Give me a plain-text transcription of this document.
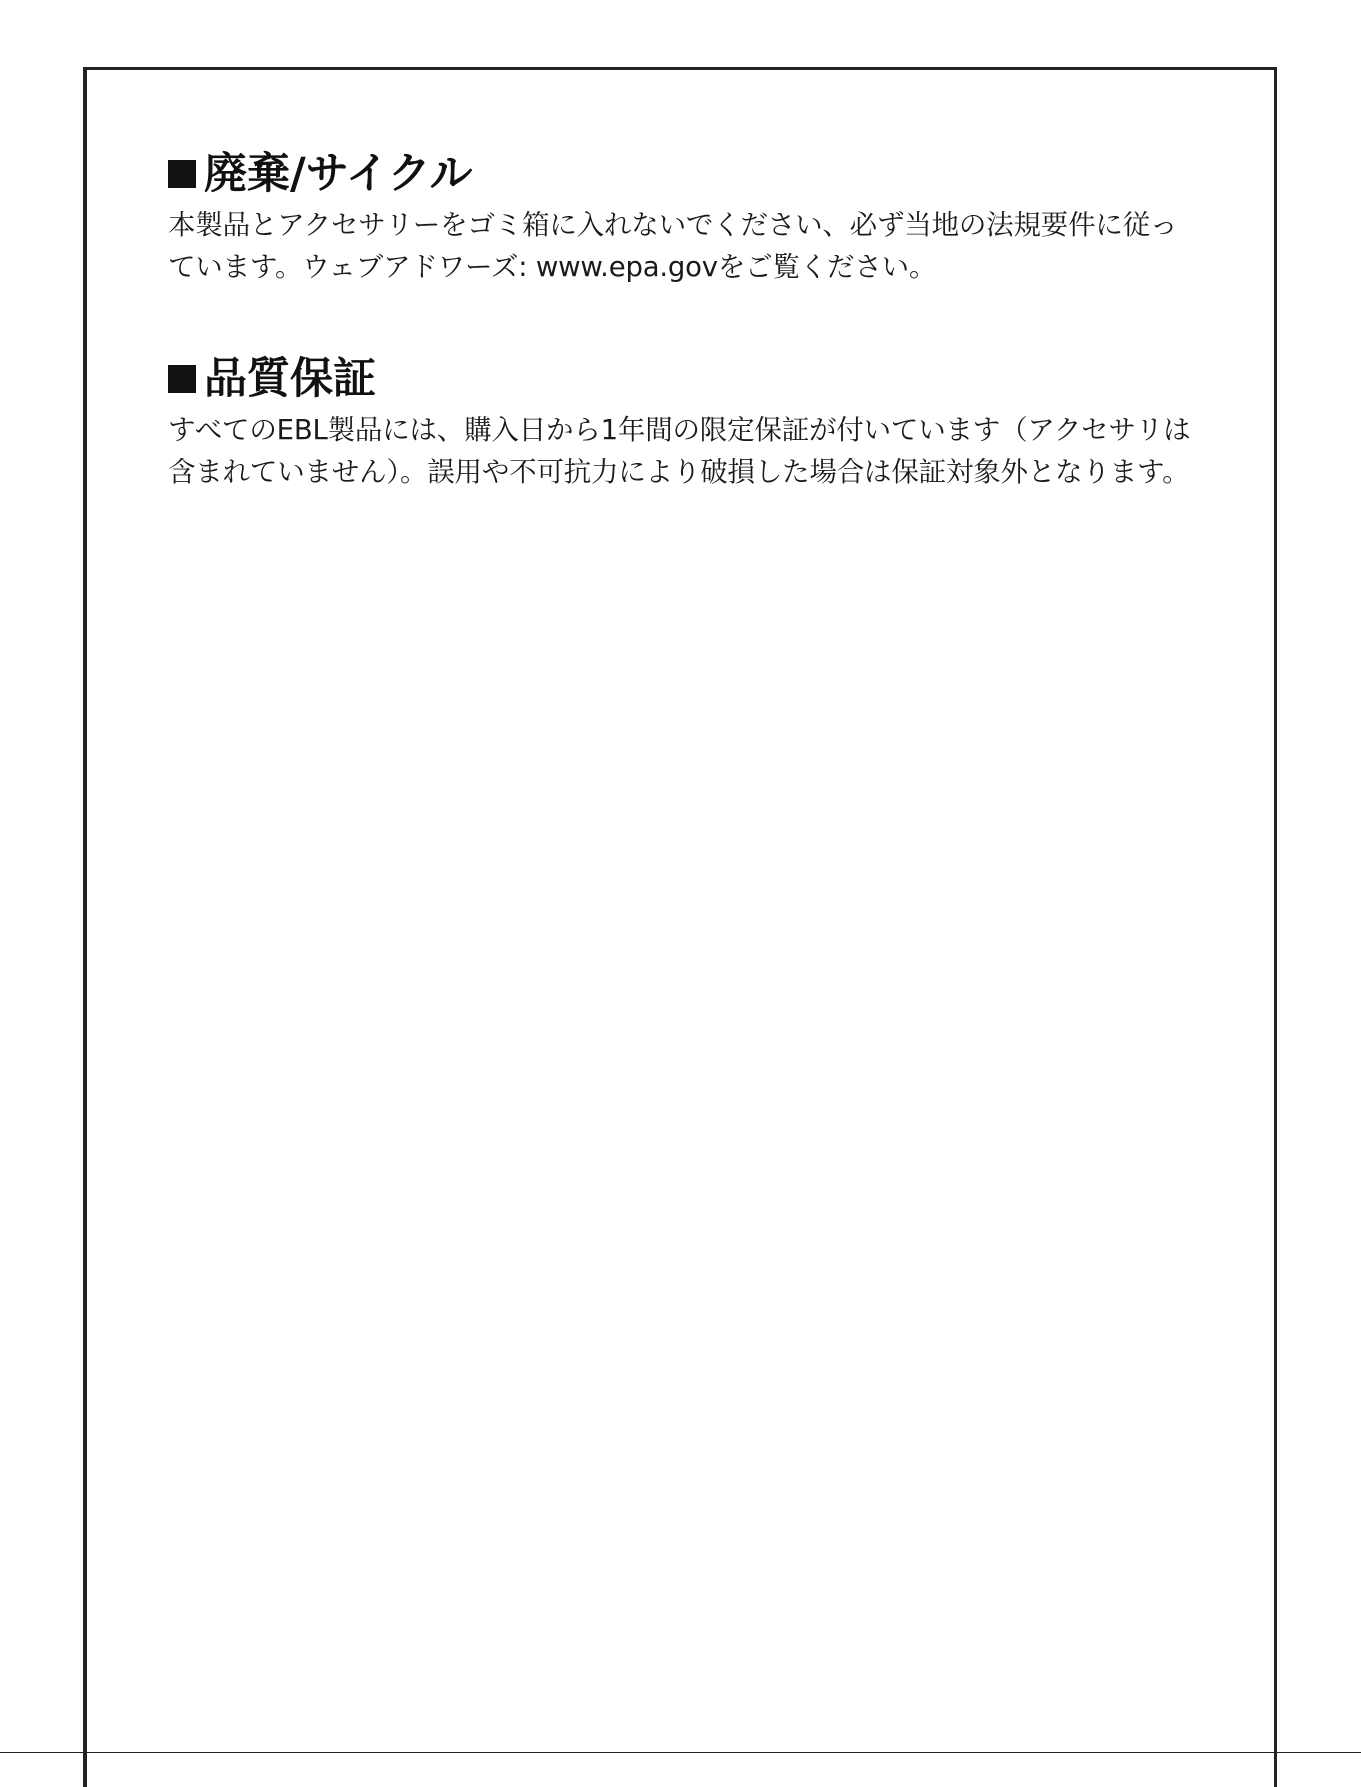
廃棄/サイクル

本製品とアクセサリーをゴミ箱に入れないでください、必ず当地の法規要件に従っています。ウェブアドワーズ: www.epa.govをご覧ください。

品質保証

すべてのEBL製品には、購入日から1年間の限定保証が付いています（アクセサリは含まれていません）。誤用や不可抗力により破損した場合は保証対象外となります。
